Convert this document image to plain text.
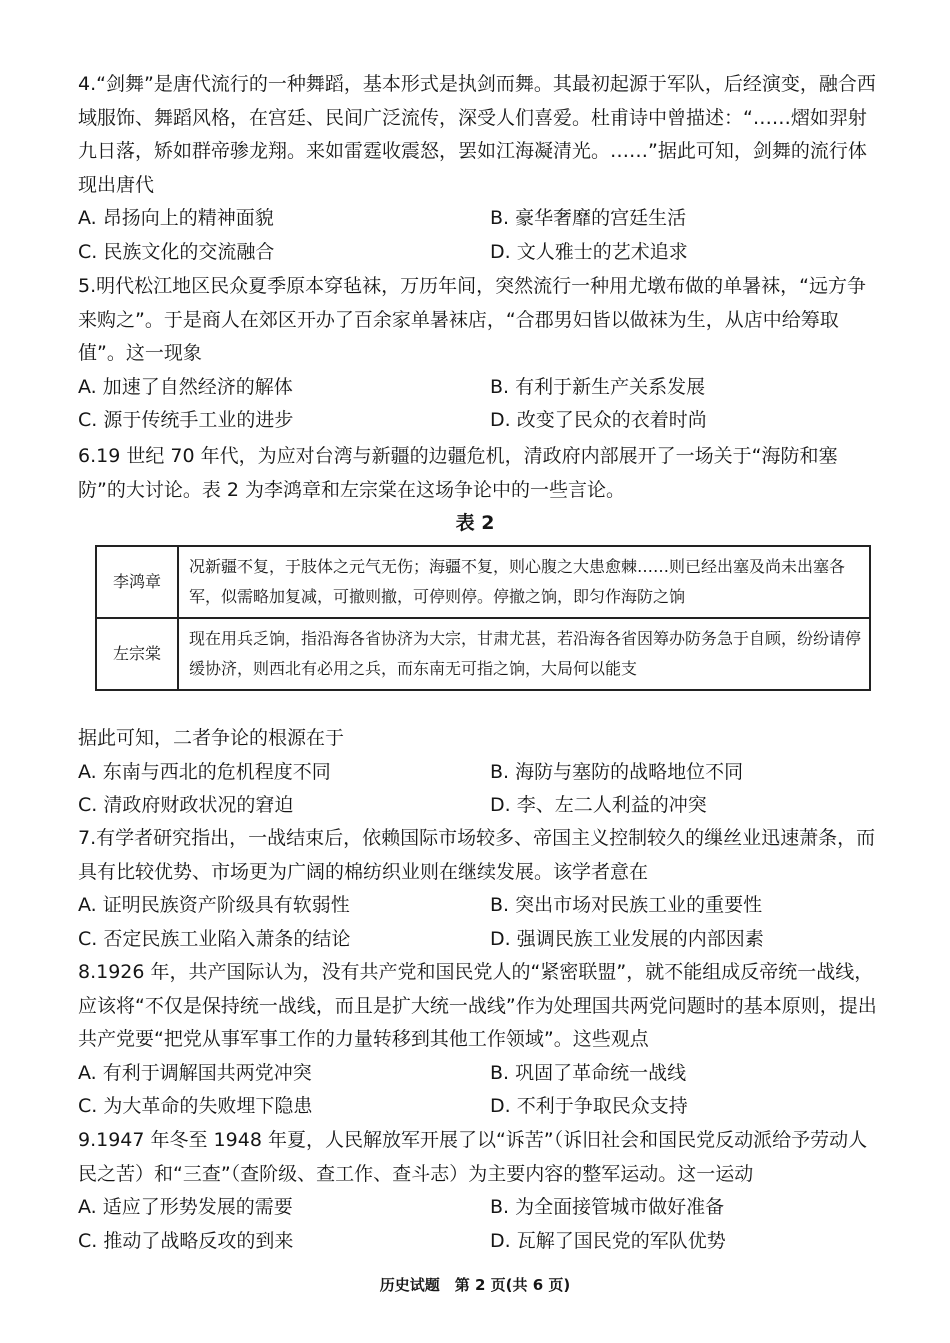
4.“剑舞”是唐代流行的一种舞蹈，基本形式是执剑而舞。其最初起源于军队，后经演变，融合西域服饰、舞蹈风格，在宫廷、民间广泛流传，深受人们喜爱。杜甫诗中曾描述：“……熠如羿射九日落，矫如群帝骖龙翔。来如雷霆收震怒，罢如江海凝清光。……”据此可知，剑舞的流行体现出唐代

A. 昂扬向上的精神面貌	B. 豪华奢靡的宫廷生活
C. 民族文化的交流融合	D. 文人雅士的艺术追求

5.明代松江地区民众夏季原本穿毡袜，万历年间，突然流行一种用尤墩布做的单暑袜，“远方争来购之”。于是商人在郊区开办了百余家单暑袜店，“合郡男妇皆以做袜为生，从店中给筹取值”。这一现象

A. 加速了自然经济的解体	B. 有利于新生产关系发展
C. 源于传统手工业的进步	D. 改变了民众的衣着时尚

6.19 世纪 70 年代，为应对台湾与新疆的边疆危机，清政府内部展开了一场关于“海防和塞防”的大讨论。表 2 为李鸿章和左宗棠在这场争论中的一些言论。

表 2
李鸿章	况新疆不复，于肢体之元气无伤；海疆不复，则心腹之大患愈棘……则已经出塞及尚未出塞各军，似需略加复减，可撤则撤，可停则停。停撤之饷，即匀作海防之饷
左宗棠	现在用兵乏饷，指沿海各省协济为大宗，甘肃尤甚，若沿海各省因筹办防务急于自顾，纷纷请停缓协济，则西北有必用之兵，而东南无可指之饷，大局何以能支

据此可知，二者争论的根源在于

A. 东南与西北的危机程度不同	B. 海防与塞防的战略地位不同
C. 清政府财政状况的窘迫	D. 李、左二人利益的冲突

7.有学者研究指出，一战结束后，依赖国际市场较多、帝国主义控制较久的缫丝业迅速萧条，而具有比较优势、市场更为广阔的棉纺织业则在继续发展。该学者意在

A. 证明民族资产阶级具有软弱性	B. 突出市场对民族工业的重要性
C. 否定民族工业陷入萧条的结论	D. 强调民族工业发展的内部因素

8.1926 年，共产国际认为，没有共产党和国民党人的“紧密联盟”，就不能组成反帝统一战线，应该将“不仅是保持统一战线，而且是扩大统一战线”作为处理国共两党问题时的基本原则，提出共产党要“把党从事军事工作的力量转移到其他工作领域”。这些观点

A. 有利于调解国共两党冲突	B. 巩固了革命统一战线
C. 为大革命的失败埋下隐患	D. 不利于争取民众支持

9.1947 年冬至 1948 年夏，人民解放军开展了以“诉苦”（诉旧社会和国民党反动派给予劳动人民之苦）和“三查”（查阶级、查工作、查斗志）为主要内容的整军运动。这一运动

A. 适应了形势发展的需要	B. 为全面接管城市做好准备
C. 推动了战略反攻的到来	D. 瓦解了国民党的军队优势
历史试题　第 2 页(共 6 页)
